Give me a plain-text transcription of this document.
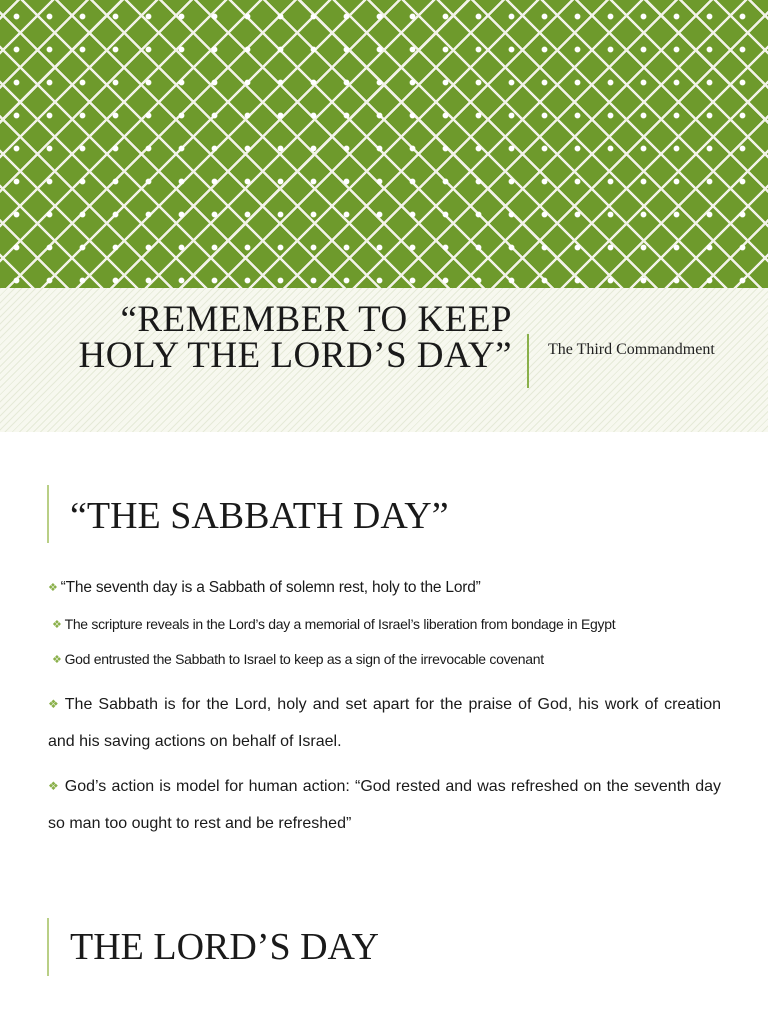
“REMEMBER TO KEEP HOLY THE LORD’S DAY” The Third Commandment
“THE SABBATH DAY”

❖ “The seventh day is a Sabbath of solemn rest, holy to the Lord”

❖ The scripture reveals in the Lord’s day a memorial of Israel’s liberation from bondage in Egypt

❖ God entrusted the Sabbath to Israel to keep as a sign of the irrevocable covenant

❖ The Sabbath is for the Lord, holy and set apart for the praise of God, his work of creation and his saving actions on behalf of Israel.

❖ God’s action is model for human action: “God rested and was refreshed on the seventh day so man too ought to rest and be refreshed”

THE LORD’S DAY
